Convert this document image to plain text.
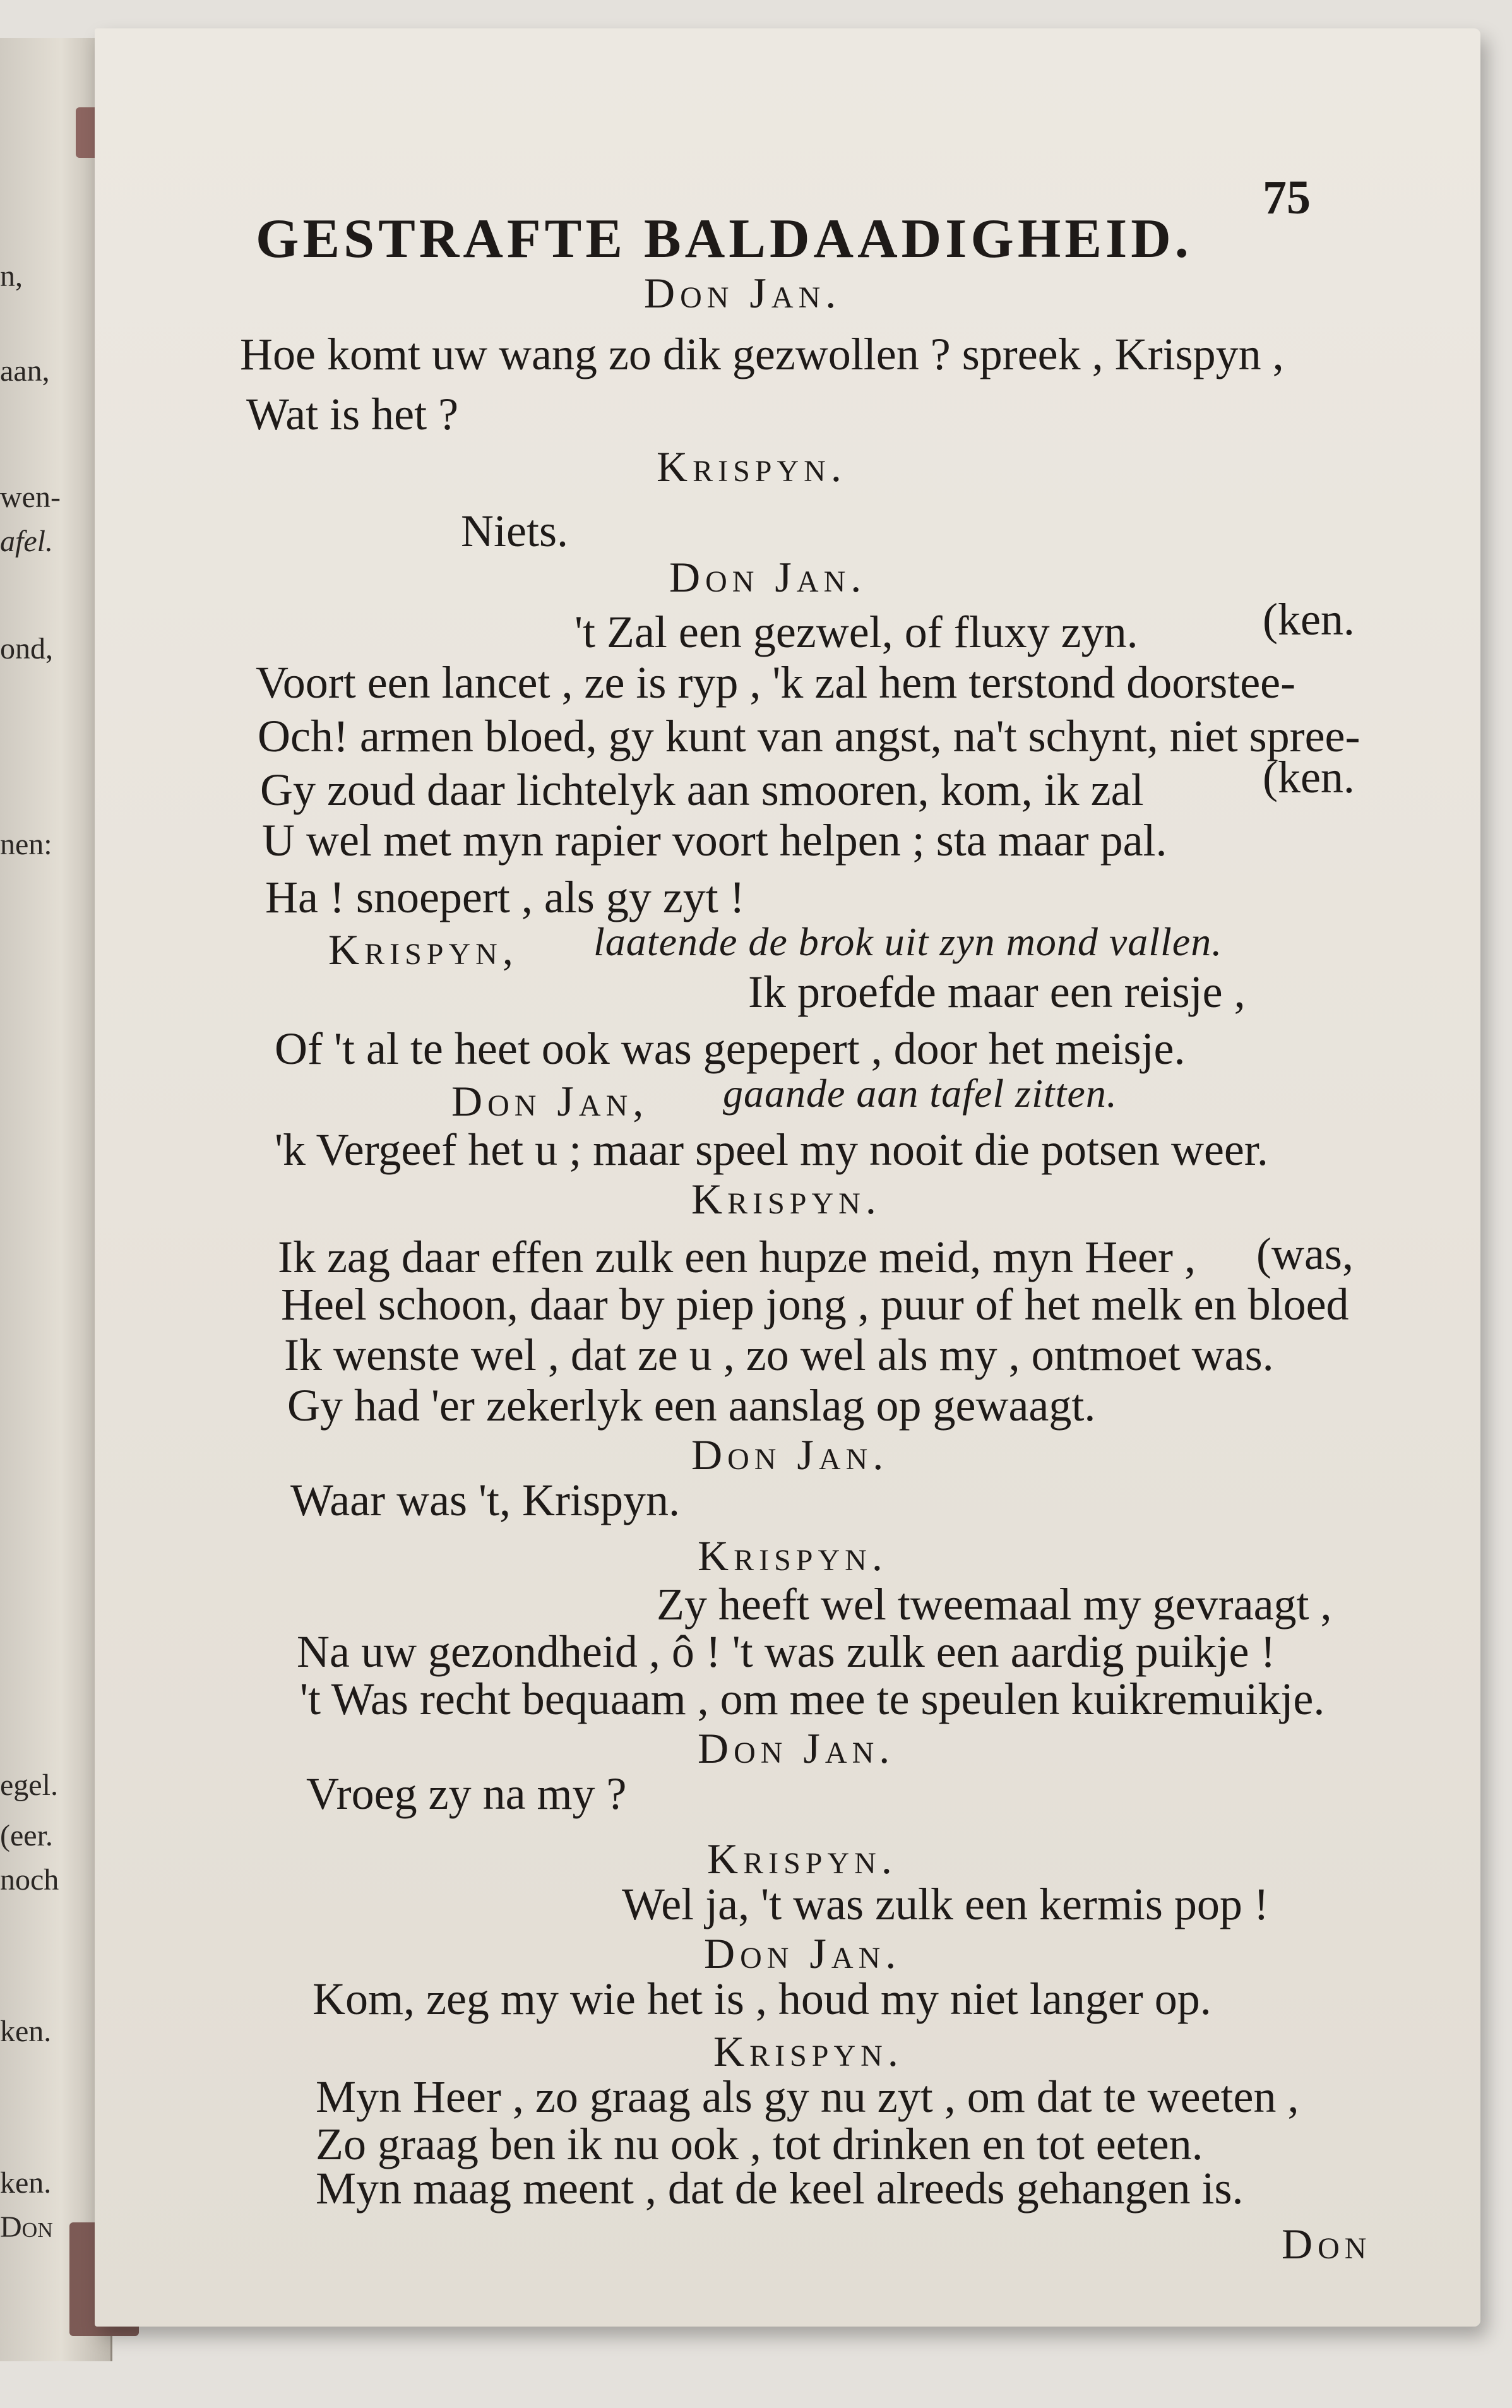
n,
aan,
wen-
afel.
ond,
nen:
egel.
(eer.
noch
ken.
ken.
Don
GESTRAFTE BALDAADIGHEID.
75
Don Jan.
Hoe komt uw wang zo dik gezwollen ? spreek , Krispyn ,
Wat is het ?
Krispyn.
Niets.
Don Jan.
't Zal een gezwel, of fluxy zyn.	(ken.
Voort een lancet , ze is ryp , 'k zal hem terstond doorstee-
Och! armen bloed, gy kunt van angst, na't schynt, niet spree-
Gy zoud daar lichtelyk aan smooren, kom, ik zal	(ken.
U wel met myn rapier voort helpen ; sta maar pal.
Ha ! snoepert , als gy zyt !
Krispyn, laatende de brok uit zyn mond vallen.
Ik proefde maar een reisje ,
Of 't al te heet ook was gepepert , door het meisje.
Don Jan, gaande aan tafel zitten.
'k Vergeef het u ; maar speel my nooit die potsen weer.
Krispyn.
Ik zag daar effen zulk een hupze meid, myn Heer , (was,
Heel schoon, daar by piep jong , puur of het melk en bloed
Ik wenste wel , dat ze u , zo wel als my , ontmoet was.
Gy had 'er zekerlyk een aanslag op gewaagt.
Don Jan.
Waar was 't, Krispyn.
Krispyn.
Zy heeft wel tweemaal my gevraagt ,
Na uw gezondheid , ô ! 't was zulk een aardig puikje !
't Was recht bequaam , om mee te speulen kuikremuikje.
Don Jan.
Vroeg zy na my ?
Krispyn.
Wel ja, 't was zulk een kermis pop !
Don Jan.
Kom, zeg my wie het is , houd my niet langer op.
Krispyn.
Myn Heer , zo graag als gy nu zyt , om dat te weeten ,
Zo graag ben ik nu ook , tot drinken en tot eeten.
Myn maag meent , dat de keel alreeds gehangen is.
Don
